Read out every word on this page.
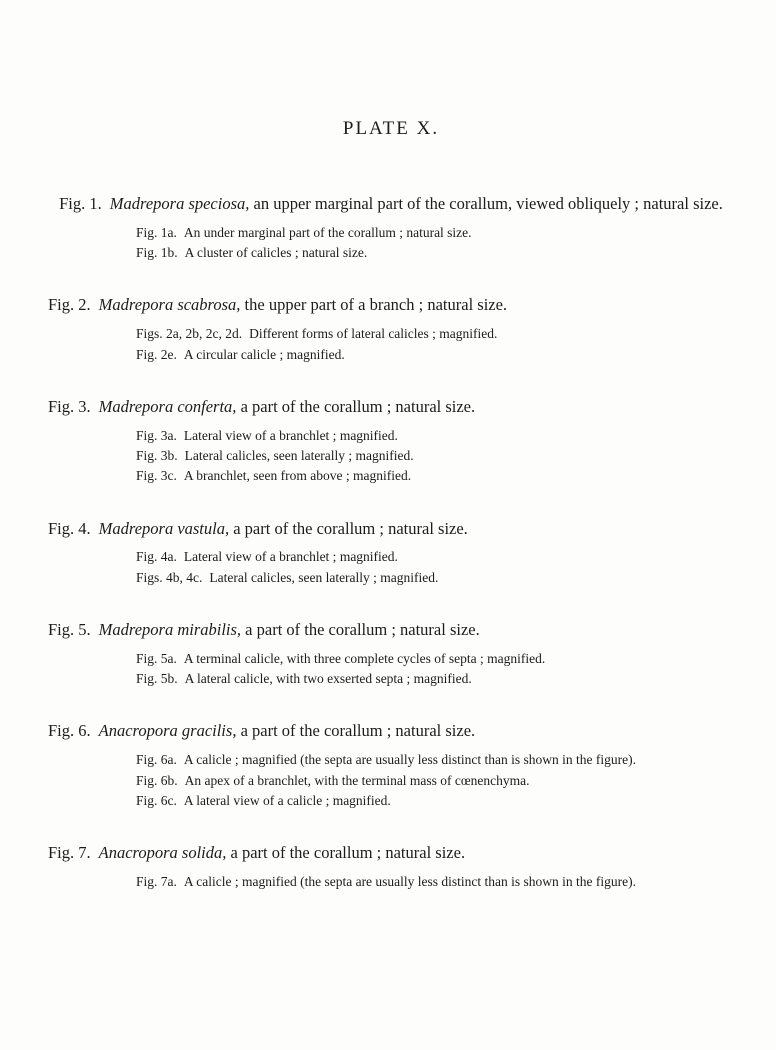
PLATE X.

Fig. 1. Madrepora speciosa, an upper marginal part of the corallum, viewed obliquely ; natural size.

Fig. 1a. An under marginal part of the corallum ; natural size.

Fig. 1b. A cluster of calicles ; natural size.

Fig. 2. Madrepora scabrosa, the upper part of a branch ; natural size.

Figs. 2a, 2b, 2c, 2d. Different forms of lateral calicles ; magnified.

Fig. 2e. A circular calicle ; magnified.

Fig. 3. Madrepora conferta, a part of the corallum ; natural size.

Fig. 3a. Lateral view of a branchlet ; magnified.

Fig. 3b. Lateral calicles, seen laterally ; magnified.

Fig. 3c. A branchlet, seen from above ; magnified.

Fig. 4. Madrepora vastula, a part of the corallum ; natural size.

Fig. 4a. Lateral view of a branchlet ; magnified.

Figs. 4b, 4c. Lateral calicles, seen laterally ; magnified.

Fig. 5. Madrepora mirabilis, a part of the corallum ; natural size.

Fig. 5a. A terminal calicle, with three complete cycles of septa ; magnified.

Fig. 5b. A lateral calicle, with two exserted septa ; magnified.

Fig. 6. Anacropora gracilis, a part of the corallum ; natural size.

Fig. 6a. A calicle ; magnified (the septa are usually less distinct than is shown in the figure).

Fig. 6b. An apex of a branchlet, with the terminal mass of cœnenchyma.

Fig. 6c. A lateral view of a calicle ; magnified.

Fig. 7. Anacropora solida, a part of the corallum ; natural size.

Fig. 7a. A calicle ; magnified (the septa are usually less distinct than is shown in the figure).
